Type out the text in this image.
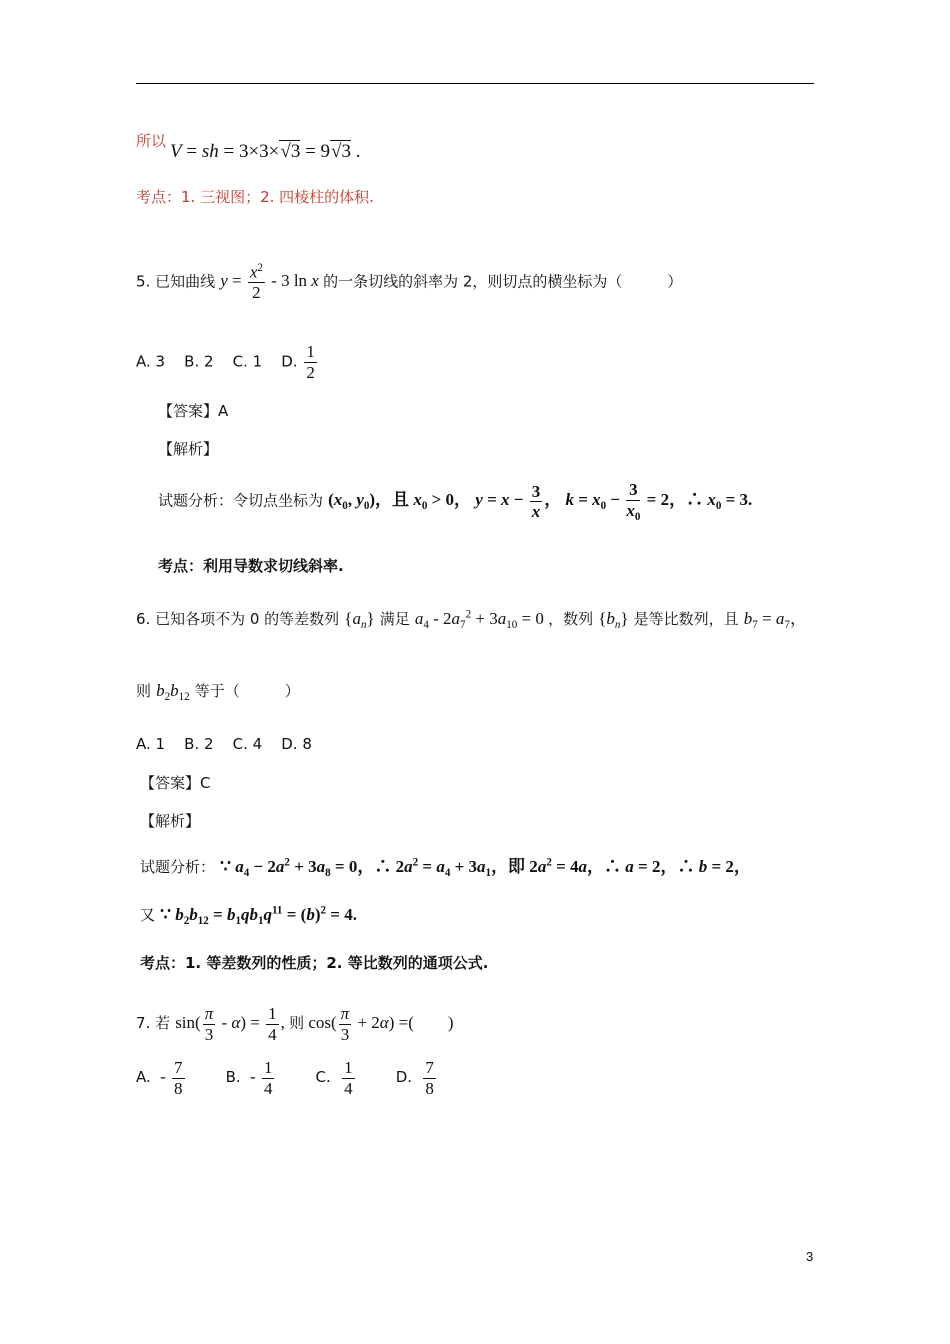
所以 V = sh = 3×3×√3 = 9√3 .
考点：1. 三视图；2. 四棱柱的体积.
5. 已知曲线 $y = \frac{x^2}{2} - 3$ ln x 的一条切线的斜率为 2，则切点的横坐标为（　　　）
A. 3 B. 2 C. 1 D. $\frac{1}{2}$
【答案】A
【解析】
试题分析：令切点坐标为 ($x_0$, $y_0$)，且 $x_0 > 0$， $y = x - \frac{3}{x}$ ， $k = x_0 - \frac{3}{x_0} = 2$，∴ $x_0 = 3$.
考点：利用导数求切线斜率.
6. 已知各项不为 0 的等差数列 $\{a_n\}$ 满足 $a_4 - 2a_7^2 + 3a_{10} = 0$ ，数列 $\{b_n\}$ 是等比数列，且 $b_7 = a_7$，
则 $b_2b_{12}$ 等于（　　　）
A. 1 B. 2 C. 4 D. 8
【答案】C
【解析】
试题分析： ∵ $a_4 - 2a^2 + 3a_8 = 0$，∴ $2a^2 = a_4 + 3a_1$，即 $2a^2 = 4a$，∴ a = 2，∴ b = 2，
又 ∵ $b_2b_{12} = b_1qb_1q^{11} = (b)^2 = 4$.
考点：1. 等差数列的性质；2. 等比数列的通项公式.
7. 若 $\sin( \frac{\pi}{3} - \alpha) = \frac{1}{4}$ , 则 $\cos( \frac{\pi}{3} + 2\alpha)$ =(        )
A.  - $\frac{7}{8}$	B.  - $\frac{1}{4}$	C. $\frac{1}{4}$	D. $\frac{7}{8}$
3
